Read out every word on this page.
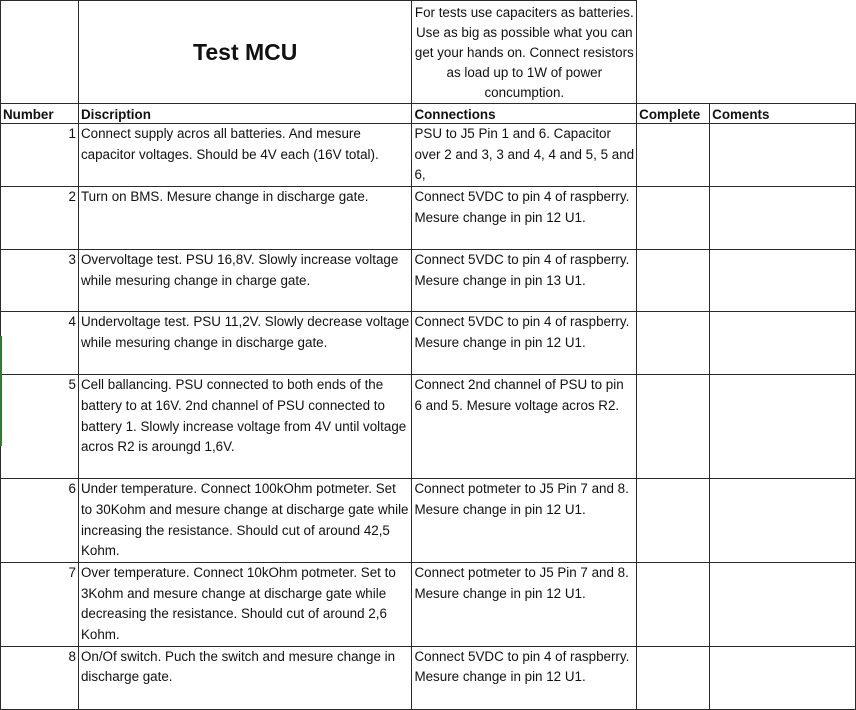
	Test MCU	For tests use capaciters as batteries. Use as big as possible what you can get your hands on. Connect resistors as load up to 1W of power concumption.		
Number	Discription	Connections	Complete	Coments
1	Connect supply acros all batteries. And mesure capacitor voltages. Should be 4V each (16V total).	PSU to J5 Pin 1 and 6. Capacitor over 2 and 3, 3 and 4, 4 and 5, 5 and 6,		
2	Turn on BMS. Mesure change in discharge gate.	Connect 5VDC to pin 4 of raspberry. Mesure change in pin 12 U1.		
3	Overvoltage test. PSU 16,8V. Slowly increase voltage while mesuring change in charge gate.	Connect 5VDC to pin 4 of raspberry. Mesure change in pin 13 U1.		
4	Undervoltage test. PSU 11,2V. Slowly decrease voltage while mesuring change in discharge gate.	Connect 5VDC to pin 4 of raspberry. Mesure change in pin 12 U1.		
5	Cell ballancing. PSU connected to both ends of the battery to at 16V. 2nd channel of PSU connected to battery 1. Slowly increase voltage from 4V until voltage acros R2 is aroungd 1,6V.	Connect 2nd channel of PSU to pin 6 and 5. Mesure voltage acros R2.		
6	Under temperature. Connect 100kOhm potmeter. Set to 30Kohm and mesure change at discharge gate while increasing the resistance. Should cut of around 42,5 Kohm.	Connect potmeter to J5 Pin 7 and 8. Mesure change in pin 12 U1.		
7	Over temperature. Connect 10kOhm potmeter. Set to 3Kohm and mesure change at discharge gate while decreasing the resistance. Should cut of around 2,6 Kohm.	Connect potmeter to J5 Pin 7 and 8. Mesure change in pin 12 U1.		
8	On/Of switch. Puch the switch and mesure change in discharge gate.	Connect 5VDC to pin 4 of raspberry. Mesure change in pin 12 U1.		
